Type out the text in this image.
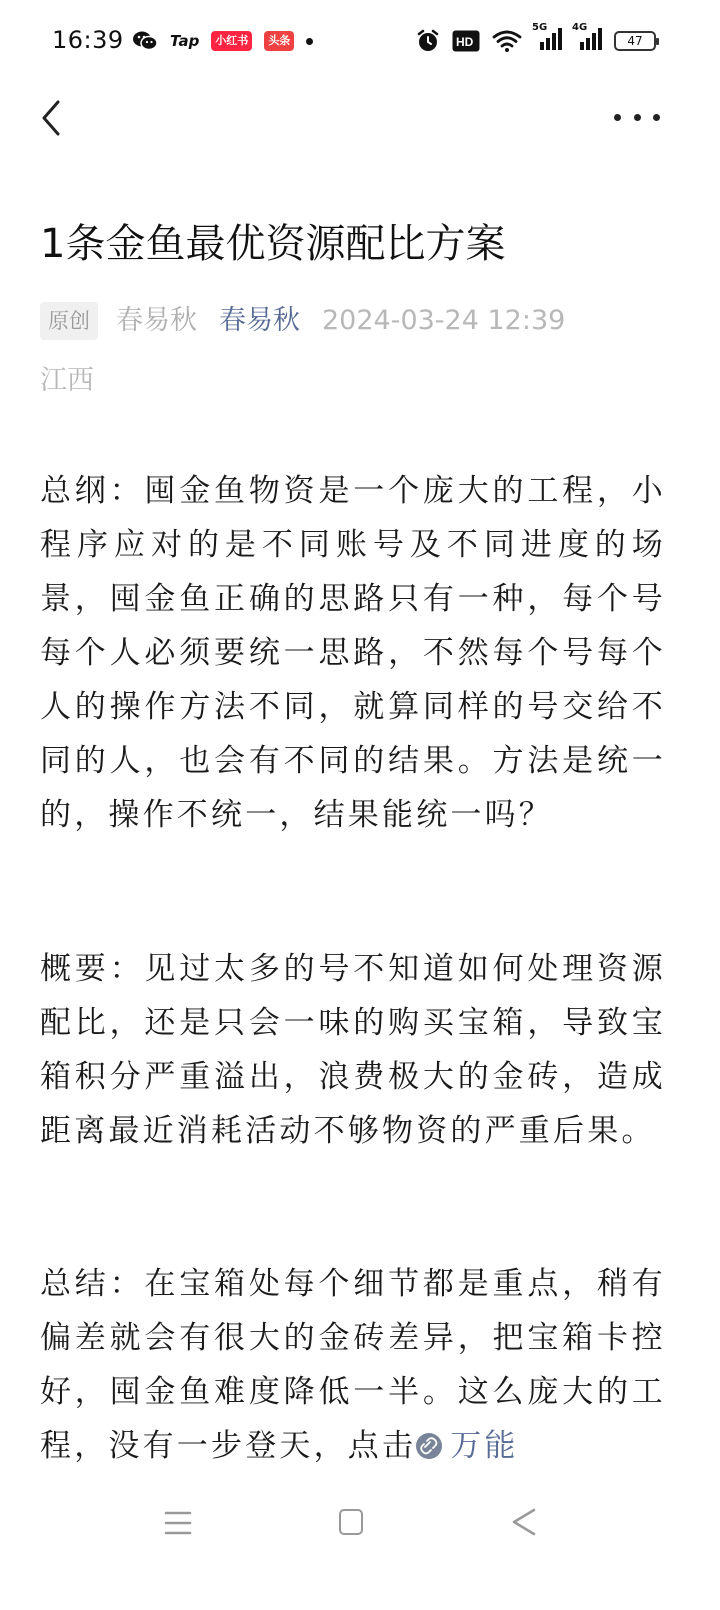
16:39	Tap	小红书	头条	HD
5G 4G
47
1条金鱼最优资源配比方案
原创 春易秋 春易秋 2024-03-24 12:39
江西

总纲：囤金鱼物资是一个庞大的工程，小程序应对的是不同账号及不同进度的场景，囤金鱼正确的思路只有一种，每个号每个人必须要统一思路，不然每个号每个人的操作方法不同，就算同样的号交给不同的人，也会有不同的结果。方法是统一的，操作不统一，结果能统一吗？

概要：见过太多的号不知道如何处理资源配比，还是只会一味的购买宝箱，导致宝箱积分严重溢出，浪费极大的金砖，造成距离最近消耗活动不够物资的严重后果。

总结：在宝箱处每个细节都是重点，稍有偏差就会有很大的金砖差异，把宝箱卡控好，囤金鱼难度降低一半。这么庞大的工程，没有一步登天，点击 万能
